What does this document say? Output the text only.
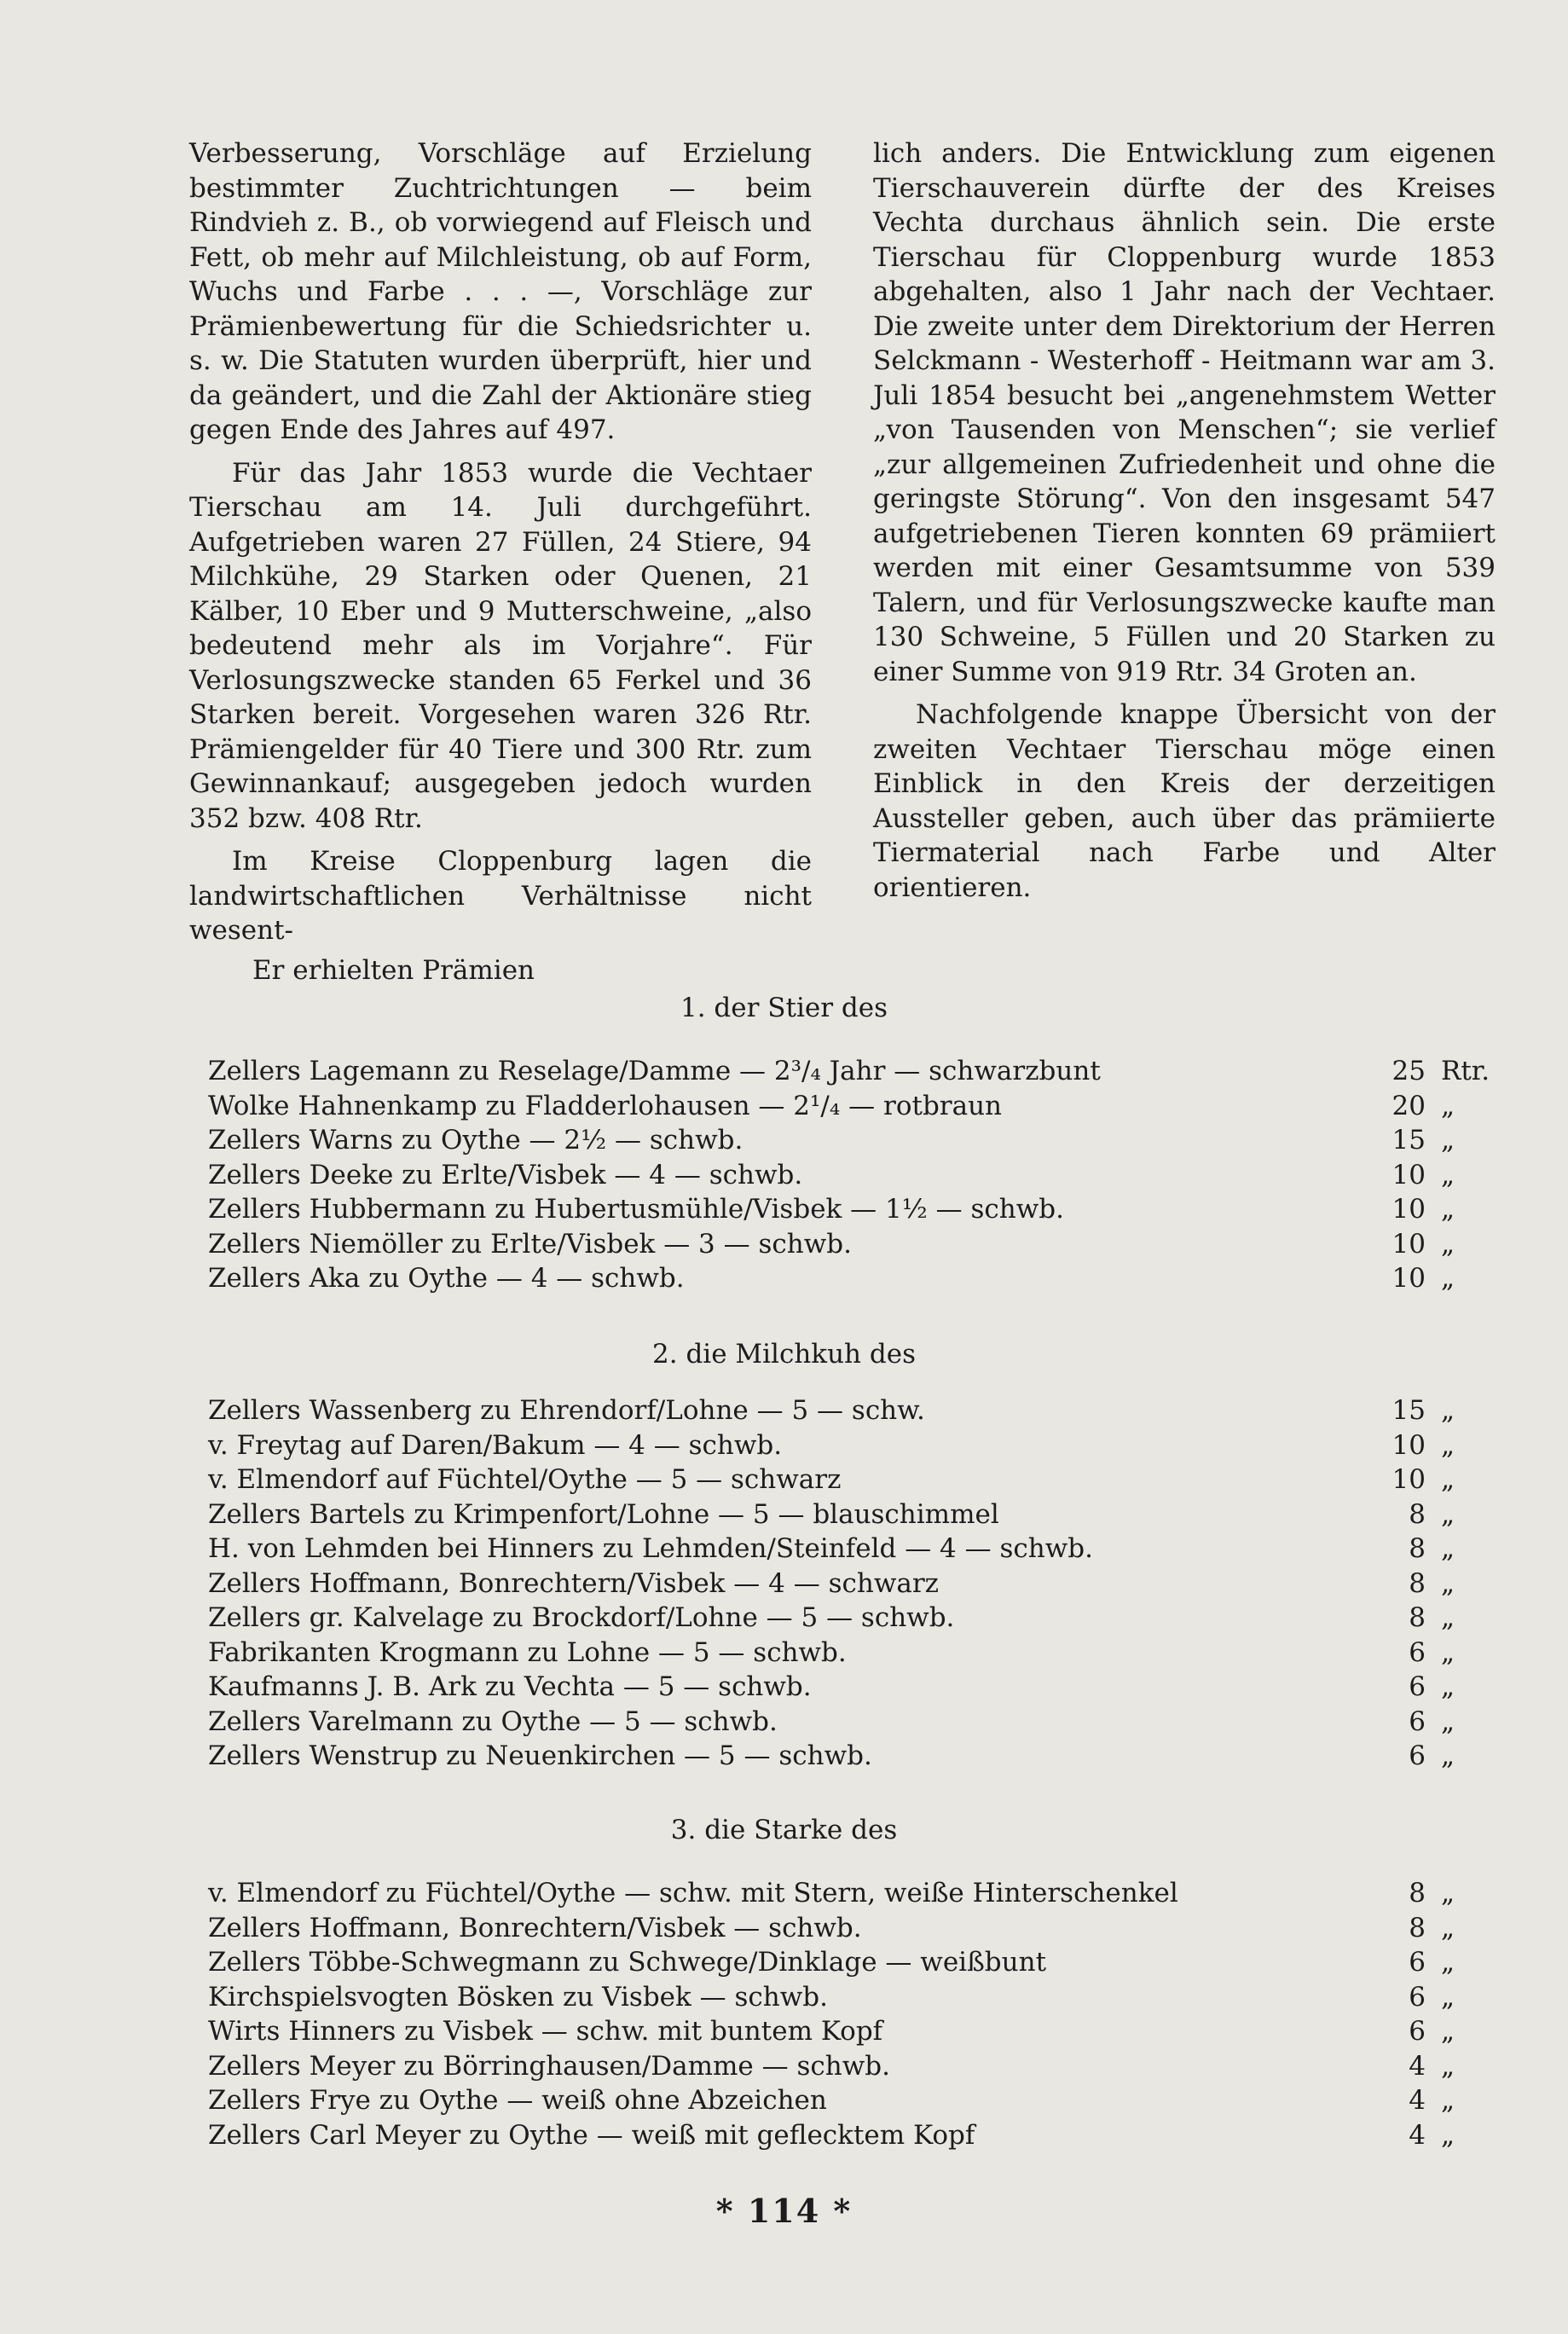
Verbesserung, Vorschläge auf Erzielung bestimmter Zuchtrichtungen — beim Rindvieh z. B., ob vorwiegend auf Fleisch und Fett, ob mehr auf Milchleistung, ob auf Form, Wuchs und Farbe . . . —, Vorschläge zur Prämienbewertung für die Schiedsrichter u. s. w. Die Statuten wurden überprüft, hier und da geändert, und die Zahl der Aktionäre stieg gegen Ende des Jahres auf 497.

Für das Jahr 1853 wurde die Vechtaer Tierschau am 14. Juli durchgeführt. Aufgetrieben waren 27 Füllen, 24 Stiere, 94 Milchkühe, 29 Starken oder Quenen, 21 Kälber, 10 Eber und 9 Mutterschweine, „also bedeutend mehr als im Vorjahre“. Für Verlosungszwecke standen 65 Ferkel und 36 Starken bereit. Vorgesehen waren 326 Rtr. Prämiengelder für 40 Tiere und 300 Rtr. zum Gewinnankauf; ausgegeben jedoch wurden 352 bzw. 408 Rtr.

Im Kreise Cloppenburg lagen die landwirtschaftlichen Verhältnisse nicht wesent-

lich anders. Die Entwicklung zum eigenen Tierschauverein dürfte der des Kreises Vechta durchaus ähnlich sein. Die erste Tierschau für Cloppenburg wurde 1853 abgehalten, also 1 Jahr nach der Vechtaer. Die zweite unter dem Direktorium der Herren Selckmann - Westerhoff - Heitmann war am 3. Juli 1854 besucht bei „angenehmstem Wetter „von Tausenden von Menschen“; sie verlief „zur allgemeinen Zufriedenheit und ohne die geringste Störung“. Von den insgesamt 547 aufgetriebenen Tieren konnten 69 prämiiert werden mit einer Gesamtsumme von 539 Talern, und für Verlosungszwecke kaufte man 130 Schweine, 5 Füllen und 20 Starken zu einer Summe von 919 Rtr. 34 Groten an.

Nachfolgende knappe Übersicht von der zweiten Vechtaer Tierschau möge einen Einblick in den Kreis der derzeitigen Aussteller geben, auch über das prämiierte Tiermaterial nach Farbe und Alter orientieren.

Er erhielten Prämien
1. der Stier des
Zellers Lagemann zu Reselage/Damme — 2³/₄ Jahr — schwarzbunt	25 Rtr.
Wolke Hahnenkamp zu Fladderlohausen — 2¹/₄ — rotbraun	20 „
Zellers Warns zu Oythe — 2½ — schwb.	15 „
Zellers Deeke zu Erlte/Visbek — 4 — schwb.	10 „
Zellers Hubbermann zu Hubertusmühle/Visbek — 1½ — schwb.	10 „
Zellers Niemöller zu Erlte/Visbek — 3 — schwb.	10 „
Zellers Aka zu Oythe — 4 — schwb.	10 „
2. die Milchkuh des
Zellers Wassenberg zu Ehrendorf/Lohne — 5 — schw.	15 „
v. Freytag auf Daren/Bakum — 4 — schwb.	10 „
v. Elmendorf auf Füchtel/Oythe — 5 — schwarz	10 „
Zellers Bartels zu Krimpenfort/Lohne — 5 — blauschimmel	8 „
H. von Lehmden bei Hinners zu Lehmden/Steinfeld — 4 — schwb.	8 „
Zellers Hoffmann, Bonrechtern/Visbek — 4 — schwarz	8 „
Zellers gr. Kalvelage zu Brockdorf/Lohne — 5 — schwb.	8 „
Fabrikanten Krogmann zu Lohne — 5 — schwb.	6 „
Kaufmanns J. B. Ark zu Vechta — 5 — schwb.	6 „
Zellers Varelmann zu Oythe — 5 — schwb.	6 „
Zellers Wenstrup zu Neuenkirchen — 5 — schwb.	6 „
3. die Starke des
v. Elmendorf zu Füchtel/Oythe — schw. mit Stern, weiße Hinterschenkel	8 „
Zellers Hoffmann, Bonrechtern/Visbek — schwb.	8 „
Zellers Többe-Schwegmann zu Schwege/Dinklage — weißbunt	6 „
Kirchspielsvogten Bösken zu Visbek — schwb.	6 „
Wirts Hinners zu Visbek — schw. mit buntem Kopf	6 „
Zellers Meyer zu Börringhausen/Damme — schwb.	4 „
Zellers Frye zu Oythe — weiß ohne Abzeichen	4 „
Zellers Carl Meyer zu Oythe — weiß mit geflecktem Kopf	4 „
* 114 *
